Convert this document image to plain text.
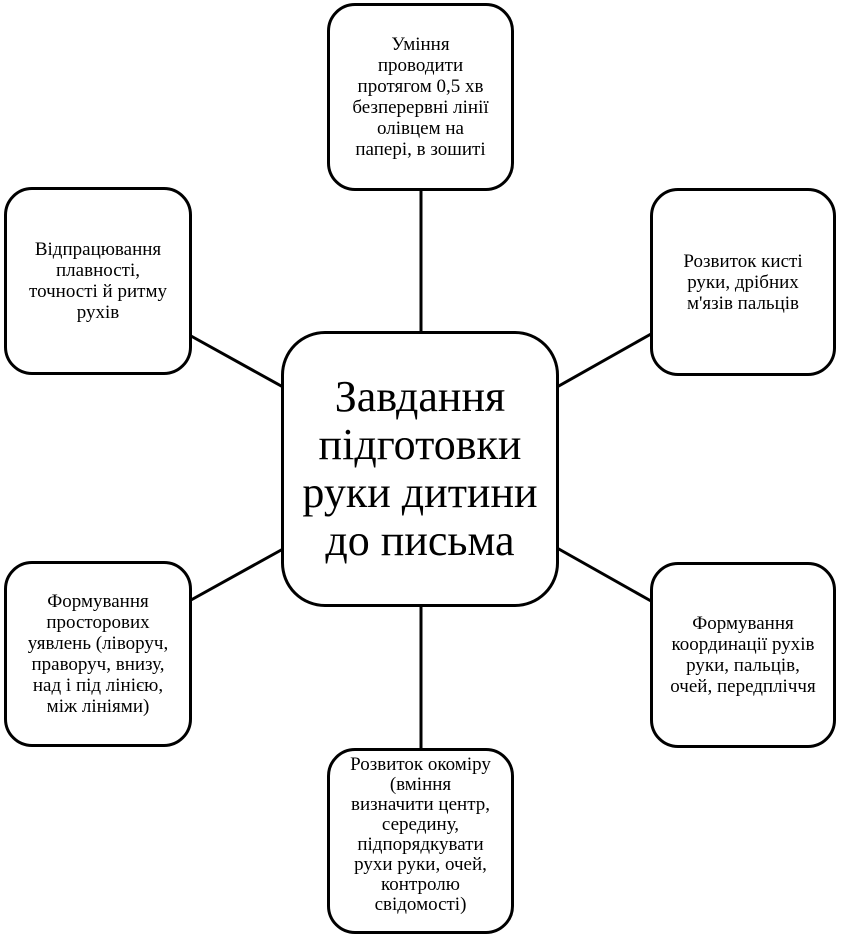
Завдання
підготовки
руки дитини
до письма
Уміння
проводити
протягом 0,5 хв
безперервні лінії
олівцем на
папері, в зошиті
Відпрацювання
плавності,
точності й ритму
рухів
Розвиток кисті
руки, дрібних
м'язів пальців
Формування
просторових
уявлень (ліворуч,
праворуч, внизу,
над і під лінією,
між лініями)
Формування
координації рухів
руки, пальців,
очей, передпліччя
Розвиток окоміру
(вміння
визначити центр,
середину,
підпорядкувати
рухи руки, очей,
контролю
свідомості)
